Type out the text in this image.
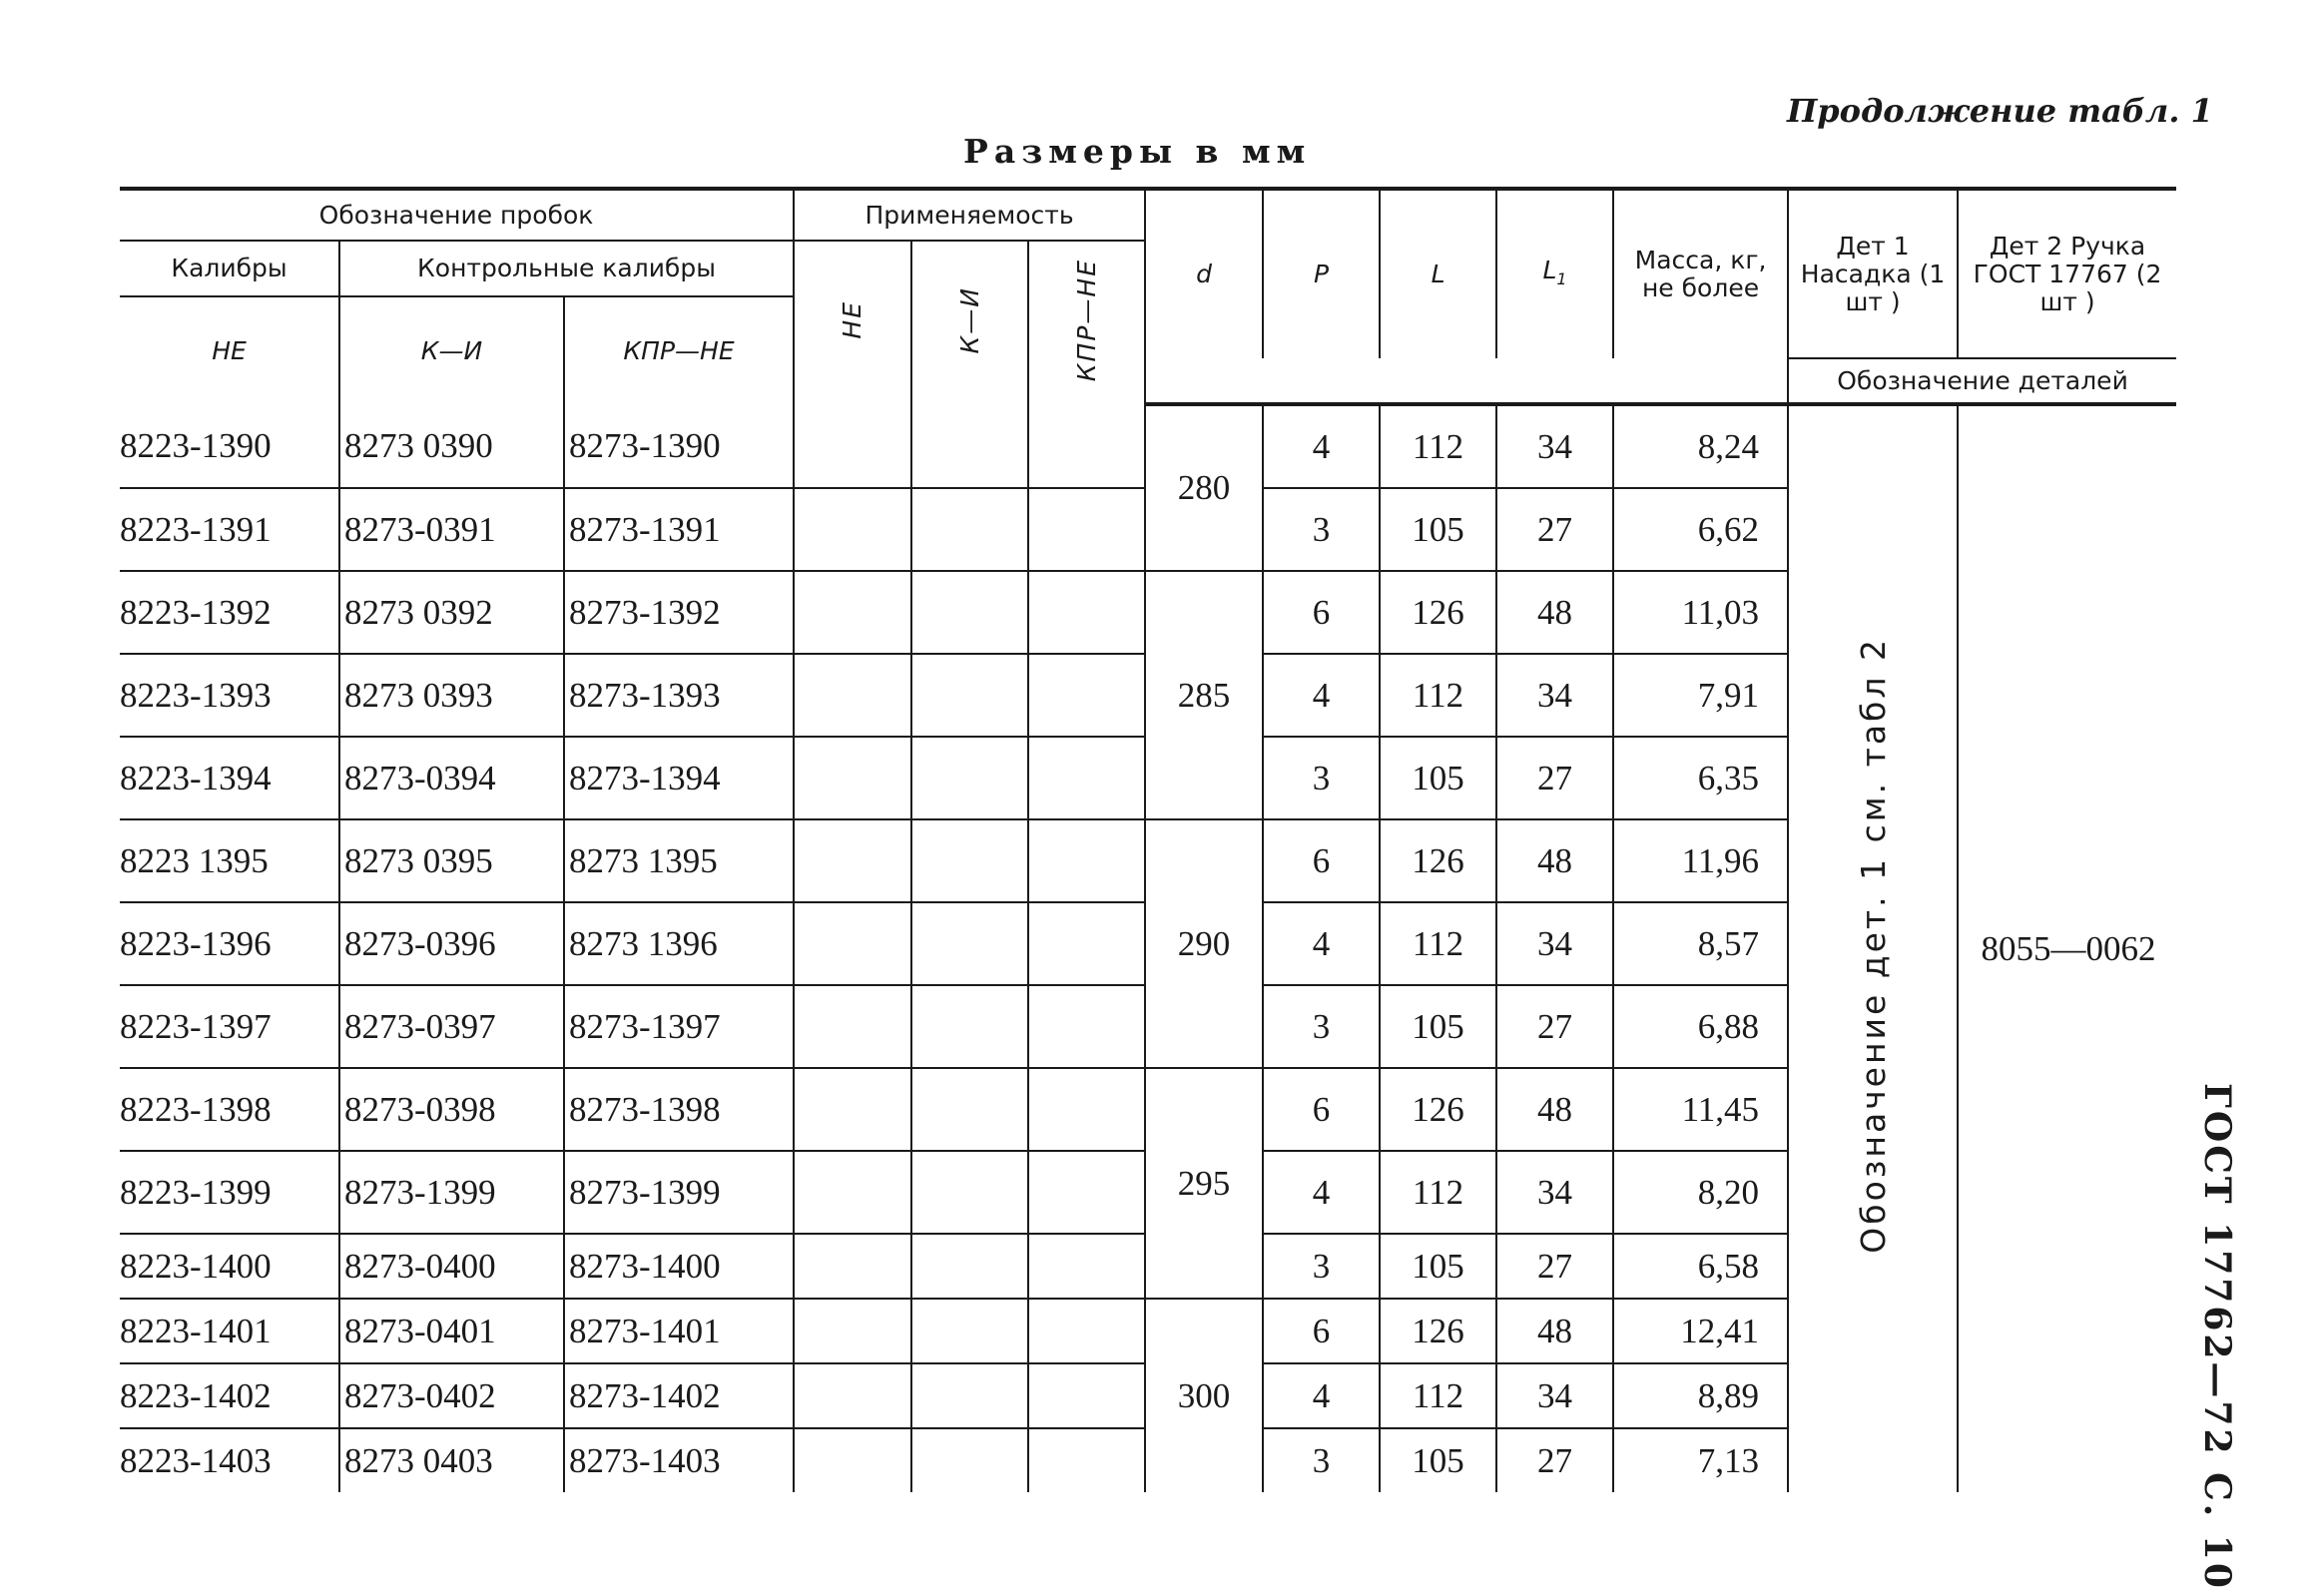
Продолжение табл. 1
Размеры в мм
Обозначение пробок			Применяемость			d	P	L	$L_1$	Масса, кг, не более	Дет 1 Насадка (1 шт )	Дет 2 Ручка ГОСТ 17767 (2 шт )
Калибры	Контрольные калибры		НЕ	К—И	КПР—НЕ							
НЕ	К—И	КПР—НЕ										
											Обозначение деталей	
8223-1390	8273 0390	8273-1390				280	4	112	34	8,24	Обозначение дет. 1 см. табл 2	8055—0062
8223-1391	8273-0391	8273-1391					3	105	27	6,62		
8223-1392	8273 0392	8273-1392				285	6	126	48	11,03		
8223-1393	8273 0393	8273-1393					4	112	34	7,91		
8223-1394	8273-0394	8273-1394					3	105	27	6,35		
8223 1395	8273 0395	8273 1395				290	6	126	48	11,96		
8223-1396	8273-0396	8273 1396					4	112	34	8,57		
8223-1397	8273-0397	8273-1397					3	105	27	6,88		
8223-1398	8273-0398	8273-1398				295	6	126	48	11,45		
8223-1399	8273-1399	8273-1399					4	112	34	8,20		
8223-1400	8273-0400	8273-1400					3	105	27	6,58		
8223-1401	8273-0401	8273-1401				300	6	126	48	12,41		
8223-1402	8273-0402	8273-1402					4	112	34	8,89		
8223-1403	8273 0403	8273-1403					3	105	27	7,13			ГОСТ 17762—72 С. 10
